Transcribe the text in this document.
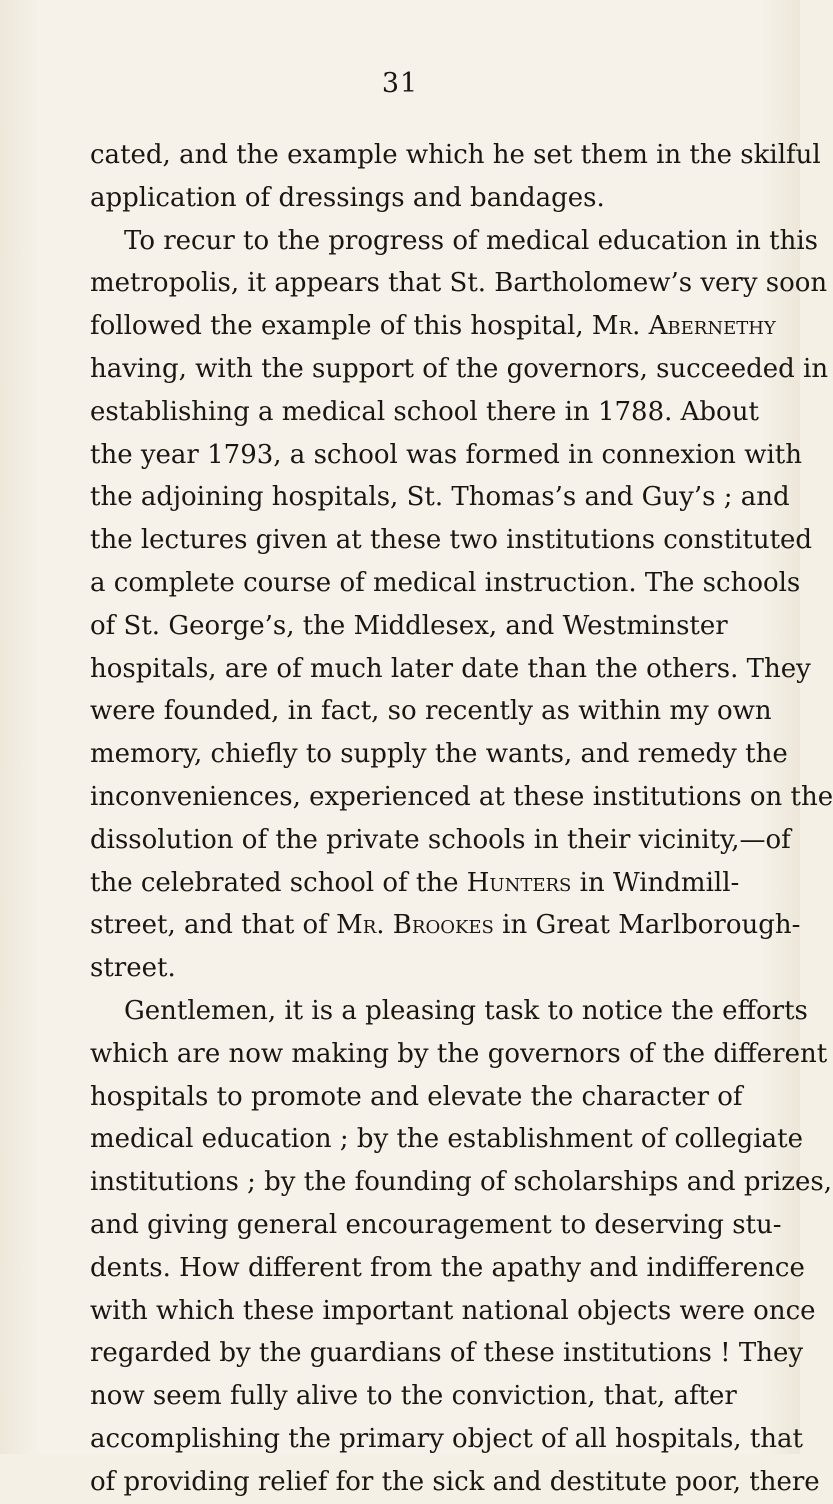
31
cated, and the example which he set them in the skilful
application of dressings and bandages.
To recur to the progress of medical education in this
metropolis, it appears that St. Bartholomew’s very soon
followed the example of this hospital, Mr. Abernethy
having, with the support of the governors, succeeded in
establishing a medical school there in 1788. About
the year 1793, a school was formed in connexion with
the adjoining hospitals, St. Thomas’s and Guy’s ; and
the lectures given at these two institutions constituted
a complete course of medical instruction. The schools
of St. George’s, the Middlesex, and Westminster
hospitals, are of much later date than the others. They
were founded, in fact, so recently as within my own
memory, chiefly to supply the wants, and remedy the
inconveniences, experienced at these institutions on the
dissolution of the private schools in their vicinity,—of
the celebrated school of the Hunters in Windmill-
street, and that of Mr. Brookes in Great Marlborough-
street.
Gentlemen, it is a pleasing task to notice the efforts
which are now making by the governors of the different
hospitals to promote and elevate the character of
medical education ; by the establishment of collegiate
institutions ; by the founding of scholarships and prizes,
and giving general encouragement to deserving stu-
dents. How different from the apathy and indifference
with which these important national objects were once
regarded by the guardians of these institutions ! They
now seem fully alive to the conviction, that, after
accomplishing the primary object of all hospitals, that
of providing relief for the sick and destitute poor, there
